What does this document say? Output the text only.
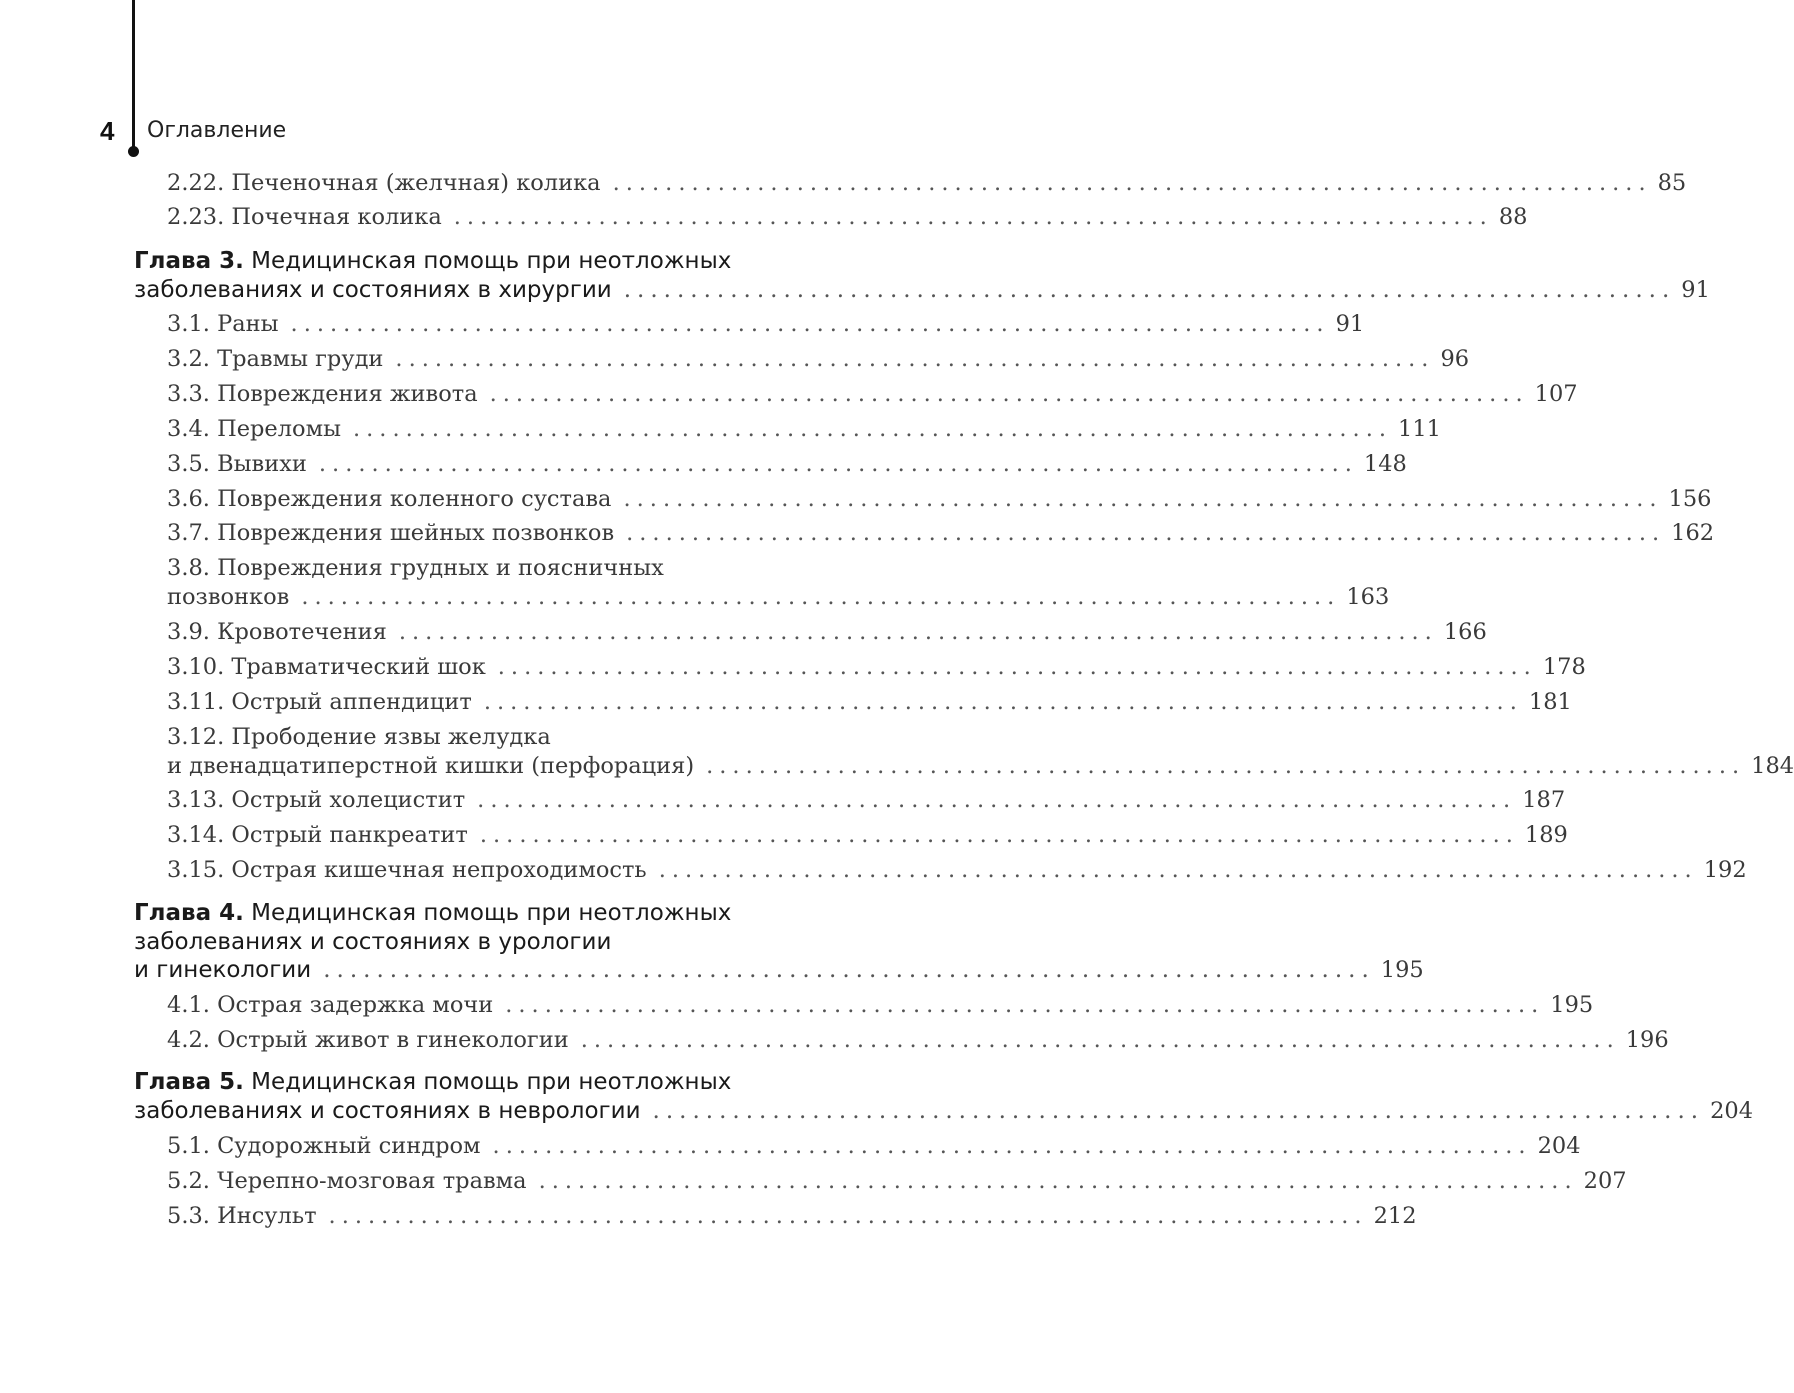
4 Оглавление
2.22. Печеночная (желчная) колика ............................................................................... 85
2.23. Почечная колика ............................................................................... 88
Глава 3. Медицинская помощь при неотложных
заболеваниях и состояниях в хирургии ............................................................................... 91
3.1. Раны ............................................................................... 91
3.2. Травмы груди ............................................................................... 96
3.3. Повреждения живота ............................................................................... 107
3.4. Переломы ............................................................................... 111
3.5. Вывихи ............................................................................... 148
3.6. Повреждения коленного сустава ............................................................................... 156
3.7. Повреждения шейных позвонков ............................................................................... 162
3.8. Повреждения грудных и поясничных
позвонков ............................................................................... 163
3.9. Кровотечения ............................................................................... 166
3.10. Травматический шок ............................................................................... 178
3.11. Острый аппендицит ............................................................................... 181
3.12. Прободение язвы желудка
и двенадцатиперстной кишки (перфорация) ............................................................................... 184
3.13. Острый холецистит ............................................................................... 187
3.14. Острый панкреатит ............................................................................... 189
3.15. Острая кишечная непроходимость ............................................................................... 192
Глава 4. Медицинская помощь при неотложных
заболеваниях и состояниях в урологии
и гинекологии ............................................................................... 195
4.1. Острая задержка мочи ............................................................................... 195
4.2. Острый живот в гинекологии ............................................................................... 196
Глава 5. Медицинская помощь при неотложных
заболеваниях и состояниях в неврологии ............................................................................... 204
5.1. Судорожный синдром ............................................................................... 204
5.2. Черепно-мозговая травма ............................................................................... 207
5.3. Инсульт ............................................................................... 212
